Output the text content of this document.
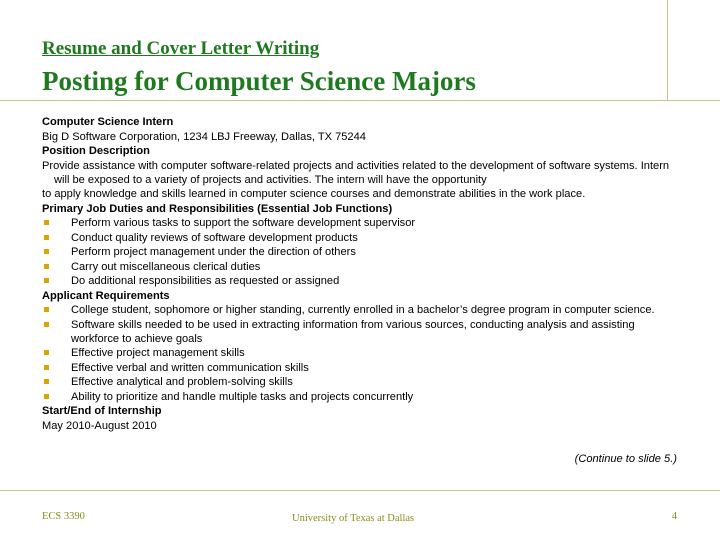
Resume and Cover Letter Writing
Posting for Computer Science Majors

Computer Science Intern

Big D Software Corporation, 1234 LBJ Freeway, Dallas, TX 75244

Position Description

Provide assistance with computer software-related projects and activities related to the development of software systems. Intern will be exposed to a variety of projects and activities. The intern will have the opportunity

to apply knowledge and skills learned in computer science courses and demonstrate abilities in the work place.

Primary Job Duties and Responsibilities (Essential Job Functions)

Perform various tasks to support the software development supervisor
Conduct quality reviews of software development products
Perform project management under the direction of others
Carry out miscellaneous clerical duties
Do additional responsibilities as requested or assigned

Applicant Requirements

College student, sophomore or higher standing, currently enrolled in a bachelor’s degree program in computer science.
Software skills needed to be used in extracting information from various sources, conducting analysis and assisting workforce to achieve goals
Effective project management skills
Effective verbal and written communication skills
Effective analytical and problem-solving skills
Ability to prioritize and handle multiple tasks and projects concurrently

Start/End of Internship

May 2010-August 2010

(Continue to slide 5.)
ECS 3390	University of Texas at Dallas	4
